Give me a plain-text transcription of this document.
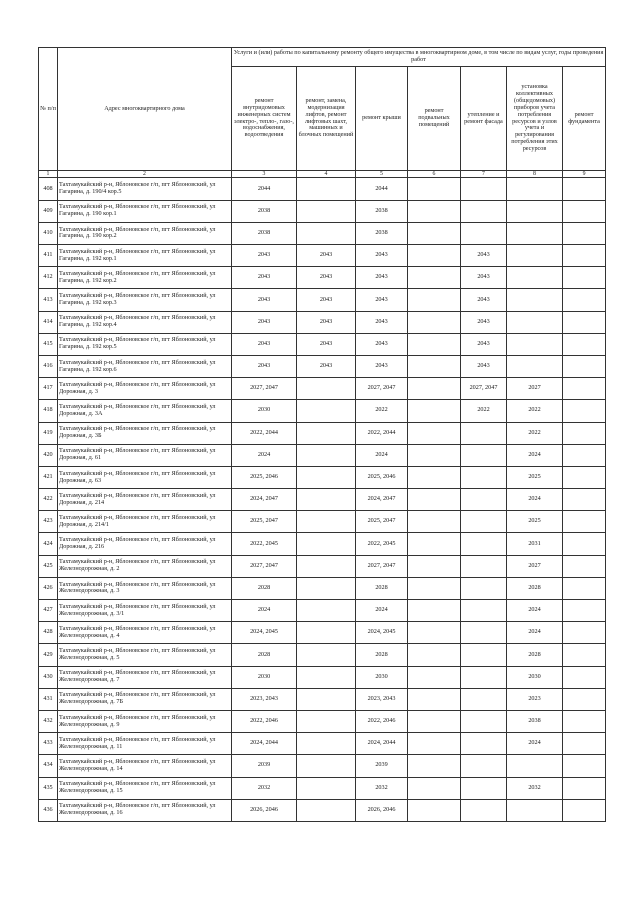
№ п/п	Адрес многоквартирного дома	Услуги и (или) работы по капитальному ремонту общего имущества в многоквартирном доме, в том числе по видам услуг, годы проведения работ						
		ремонт внутридомовых инженерных систем электро-, тепло-, газо-, водоснабжения, водоотведения	ремонт, замена, модернизация лифтов, ремонт лифтовых шахт, машинных и блочных помещений	ремонт крыши	ремонт подвальных помещений	утепление и ремонт фасада	установка коллективных (общедомовых) приборов учета потребления ресурсов и узлов учета и регулирования потребления этих ресурсов	ремонт фундамента
1	2	3	4	5	6	7	8	9
408	Тахтамукайский р-н, Яблоновское г/п, пгт Яблоновский, ул Гагарина, д. 190/4 кор.5	2044		2044				
409	Тахтамукайский р-н, Яблоновское г/п, пгт Яблоновский, ул Гагарина, д. 190 кор.1	2038		2038				
410	Тахтамукайский р-н, Яблоновское г/п, пгт Яблоновский, ул Гагарина, д. 190 кор.2	2038		2038				
411	Тахтамукайский р-н, Яблоновское г/п, пгт Яблоновский, ул Гагарина, д. 192 кор.1	2043	2043	2043		2043		
412	Тахтамукайский р-н, Яблоновское г/п, пгт Яблоновский, ул Гагарина, д. 192 кор.2	2043	2043	2043		2043		
413	Тахтамукайский р-н, Яблоновское г/п, пгт Яблоновский, ул Гагарина, д. 192 кор.3	2043	2043	2043		2043		
414	Тахтамукайский р-н, Яблоновское г/п, пгт Яблоновский, ул Гагарина, д. 192 кор.4	2043	2043	2043		2043		
415	Тахтамукайский р-н, Яблоновское г/п, пгт Яблоновский, ул Гагарина, д. 192 кор.5	2043	2043	2043		2043		
416	Тахтамукайский р-н, Яблоновское г/п, пгт Яблоновский, ул Гагарина, д. 192 кор.6	2043	2043	2043		2043		
417	Тахтамукайский р-н, Яблоновское г/п, пгт Яблоновский, ул Дорожная, д. 3	2027, 2047		2027, 2047		2027, 2047	2027	
418	Тахтамукайский р-н, Яблоновское г/п, пгт Яблоновский, ул Дорожная, д. 3А	2030		2022		2022	2022	
419	Тахтамукайский р-н, Яблоновское г/п, пгт Яблоновский, ул Дорожная, д. 3Б	2022, 2044		2022, 2044			2022	
420	Тахтамукайский р-н, Яблоновское г/п, пгт Яблоновский, ул Дорожная, д. 61	2024		2024			2024	
421	Тахтамукайский р-н, Яблоновское г/п, пгт Яблоновский, ул Дорожная, д. 63	2025, 2046		2025, 2046			2025	
422	Тахтамукайский р-н, Яблоновское г/п, пгт Яблоновский, ул Дорожная, д. 214	2024, 2047		2024, 2047			2024	
423	Тахтамукайский р-н, Яблоновское г/п, пгт Яблоновский, ул Дорожная, д. 214/1	2025, 2047		2025, 2047			2025	
424	Тахтамукайский р-н, Яблоновское г/п, пгт Яблоновский, ул Дорожная, д. 216	2022, 2045		2022, 2045			2031	
425	Тахтамукайский р-н, Яблоновское г/п, пгт Яблоновский, ул Железнодорожная, д. 2	2027, 2047		2027, 2047			2027	
426	Тахтамукайский р-н, Яблоновское г/п, пгт Яблоновский, ул Железнодорожная, д. 3	2028		2028			2028	
427	Тахтамукайский р-н, Яблоновское г/п, пгт Яблоновский, ул Железнодорожная, д. 3/1	2024		2024			2024	
428	Тахтамукайский р-н, Яблоновское г/п, пгт Яблоновский, ул Железнодорожная, д. 4	2024, 2045		2024, 2045			2024	
429	Тахтамукайский р-н, Яблоновское г/п, пгт Яблоновский, ул Железнодорожная, д. 5	2028		2028			2028	
430	Тахтамукайский р-н, Яблоновское г/п, пгт Яблоновский, ул Железнодорожная, д. 7	2030		2030			2030	
431	Тахтамукайский р-н, Яблоновское г/п, пгт Яблоновский, ул Железнодорожная, д. 7Б	2023, 2043		2023, 2043			2023	
432	Тахтамукайский р-н, Яблоновское г/п, пгт Яблоновский, ул Железнодорожная, д. 9	2022, 2046		2022, 2046			2038	
433	Тахтамукайский р-н, Яблоновское г/п, пгт Яблоновский, ул Железнодорожная, д. 11	2024, 2044		2024, 2044			2024	
434	Тахтамукайский р-н, Яблоновское г/п, пгт Яблоновский, ул Железнодорожная, д. 14	2039		2039				
435	Тахтамукайский р-н, Яблоновское г/п, пгт Яблоновский, ул Железнодорожная, д. 15	2032		2032			2032	
436	Тахтамукайский р-н, Яблоновское г/п, пгт Яблоновский, ул Железнодорожная, д. 16	2026, 2046		2026, 2046				
